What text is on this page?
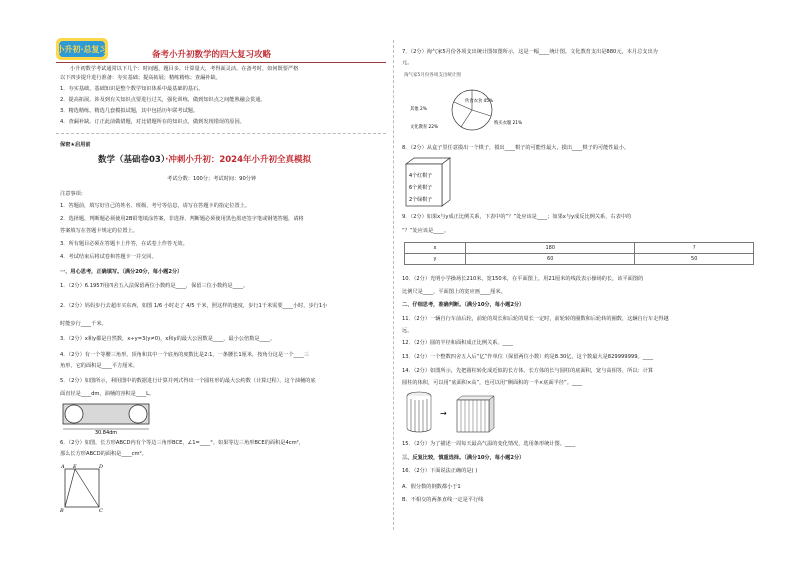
小升初·总复习
备考小升初数学的四大复习攻略
小升初数学考试通常以下几个：时间题，题目多，计算量大，考得面灵活。在备考时，如何既要严格
以下四步提升进行准备：夯实基础；提高拓展；精练精练；查漏补缺。
1．夯实基础。基础知识是整个数学知识体系中最基础的基石。
2．提高拓展。涉及到有关知识点要进行过关，强化训练，做到知识点之间能熟融会贯通。
3．精选精练。精选几套模拟试题，其中包括历年联考试题。
4．查漏补缺。订正此前做错题，对比错题所在的知识点，做到发现错误的原因。
保密★启用前
数学（基础卷03）·冲刺小升初：2024年小升初全真模拟
考试分数：100分；考试时间：90分钟
注意事项：
1．答题前，填写好自己的姓名、班级、考号等信息，请写在答题卡的指定位置上。
2．选择题，判断题必须使用2B铅笔填涂答案，非选择、判断题必须使用黑色墨迹签字笔或钢笔答题，请将
答案填写在答题卡规定的位置上。
3．所有题目必须在答题卡上作答，在试卷上作答无效。
4．考试结束后将试卷和答题卡一并交回。
一、用心思考，正确填写。（满分20分，每小题2分）
1．（2分）6.1957用四舍五入法保留两位小数约是____，保留三位小数约是____。
2．（2分）妈妈步行去超市买东西，如图 1/6 小时走了 4/5 千米，照这样的速度，步行1千米需要____小时，步行1小
时能步行____千米。
3．（2分）x和y都是自然数，x÷y=3(y≠0)，x和y的最大公因数是____，最小公倍数是____。
4．（2分）有一个等腰三角形，顶角和其中一个底角的度数比是2:1，一条腰长1厘米，按角分这是一个____三
角形，它的面积是____平方厘米。
5．（2分）如图所示，利用图中的数据进行计算并列式得出一个圆柱形的最大公约数（计算过程），这个油桶的底
面直径是____dm，油桶的容积是____L。
30.84dm
6．（2分）如图，长方形ABCD内有个等边三角形BCE，∠1=____°。如果等边三角形BCE的面积是4cm²，
那么长方形ABCD的面积是____cm²。
A E	D
B	C
7．（2分）淘气家5月份各项支出统计图如图所示，这是一幅____统计图。文化教育支出是880元，本月总支出为
元。
淘气家5月份各项支出统计图
伙食衣食 45%
购买衣服 21%
其他 2%
文化教育 22%
8．（2分）从盒子里任意摸出一个棋子，摸出____棋子的可能性最大，摸出____棋子的可能性最小。
4个红棋子
6个黄棋子
2个绿棋子
9．（2分）如果x与y成正比例关系，下表中的“？”处应该是____；如果x与y成反比例关系，右表中的
“？”处应该是____。
x	180	?
y	60	50
10．（2分）光明小学操场长210米，宽150米，在平面图上，用21厘米的线段表示操场的长，该平面图的
比例尺是____，平面图上的宽应画____厘米。
二、仔细思考，准确判断。（满分10分，每小题2分）
11．（2分）一辆自行车前后轮，前轮的周长和后轮的周长一定时，前轮转的圈数和后轮转的圈数，这辆自行车走得越
远。
12．（2分）圆的半径和面积成正比例关系。____
13．（2分）一个整数四舍五入后“亿”作单位（保留两位小数）约是8.30亿，这个数最大是829999999。____
14．（2分）如图所示，先把圆柱转化成近似的长方体，长方体的长与圆柱的底面积，宽与高相等，所以：计算
圆柱的体积，可以用“底面积×高”，也可以用“侧面积的一半×底面半径”。____
→
15．（2分）为了描述一周每天最高气温的变化情况，选用条形统计图。____
三、反复比较，慎重选择。（满分10分，每小题2分）
16．（2分）下面说法正确的是( )
A．假分数的倒数都小于1
B．不相交的两条直线一定是平行线
